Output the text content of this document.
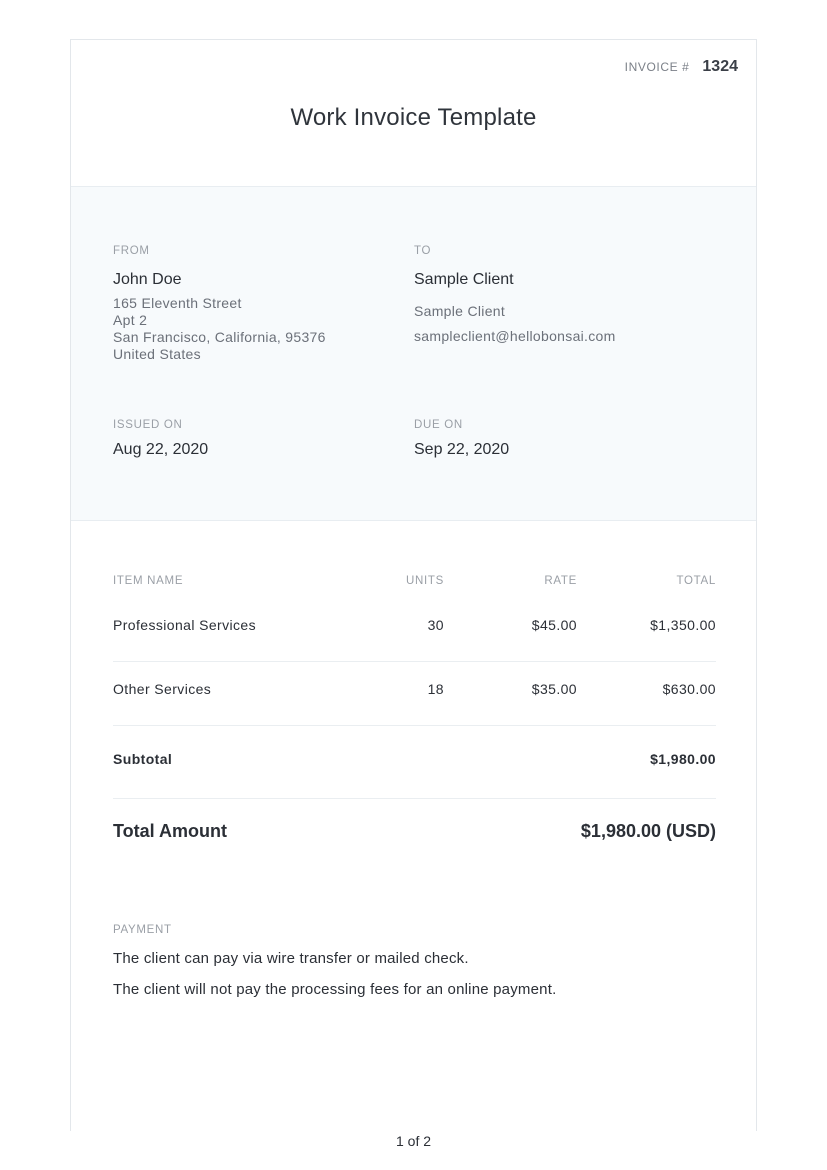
INVOICE # 1324
Work Invoice Template
FROM
John Doe
165 Eleventh Street
Apt 2
San Francisco, California, 95376
United States
TO
Sample Client
Sample Client
sampleclient@hellobonsai.com
ISSUED ON
Aug 22, 2020
DUE ON
Sep 22, 2020
ITEM NAME	UNITS	RATE	TOTAL
Professional Services	30	$45.00	$1,350.00
Other Services	18	$35.00	$630.00
Subtotal	$1,980.00
Total Amount	$1,980.00 (USD)
PAYMENT
The client can pay via wire transfer or mailed check.
The client will not pay the processing fees for an online payment.
1 of 2
